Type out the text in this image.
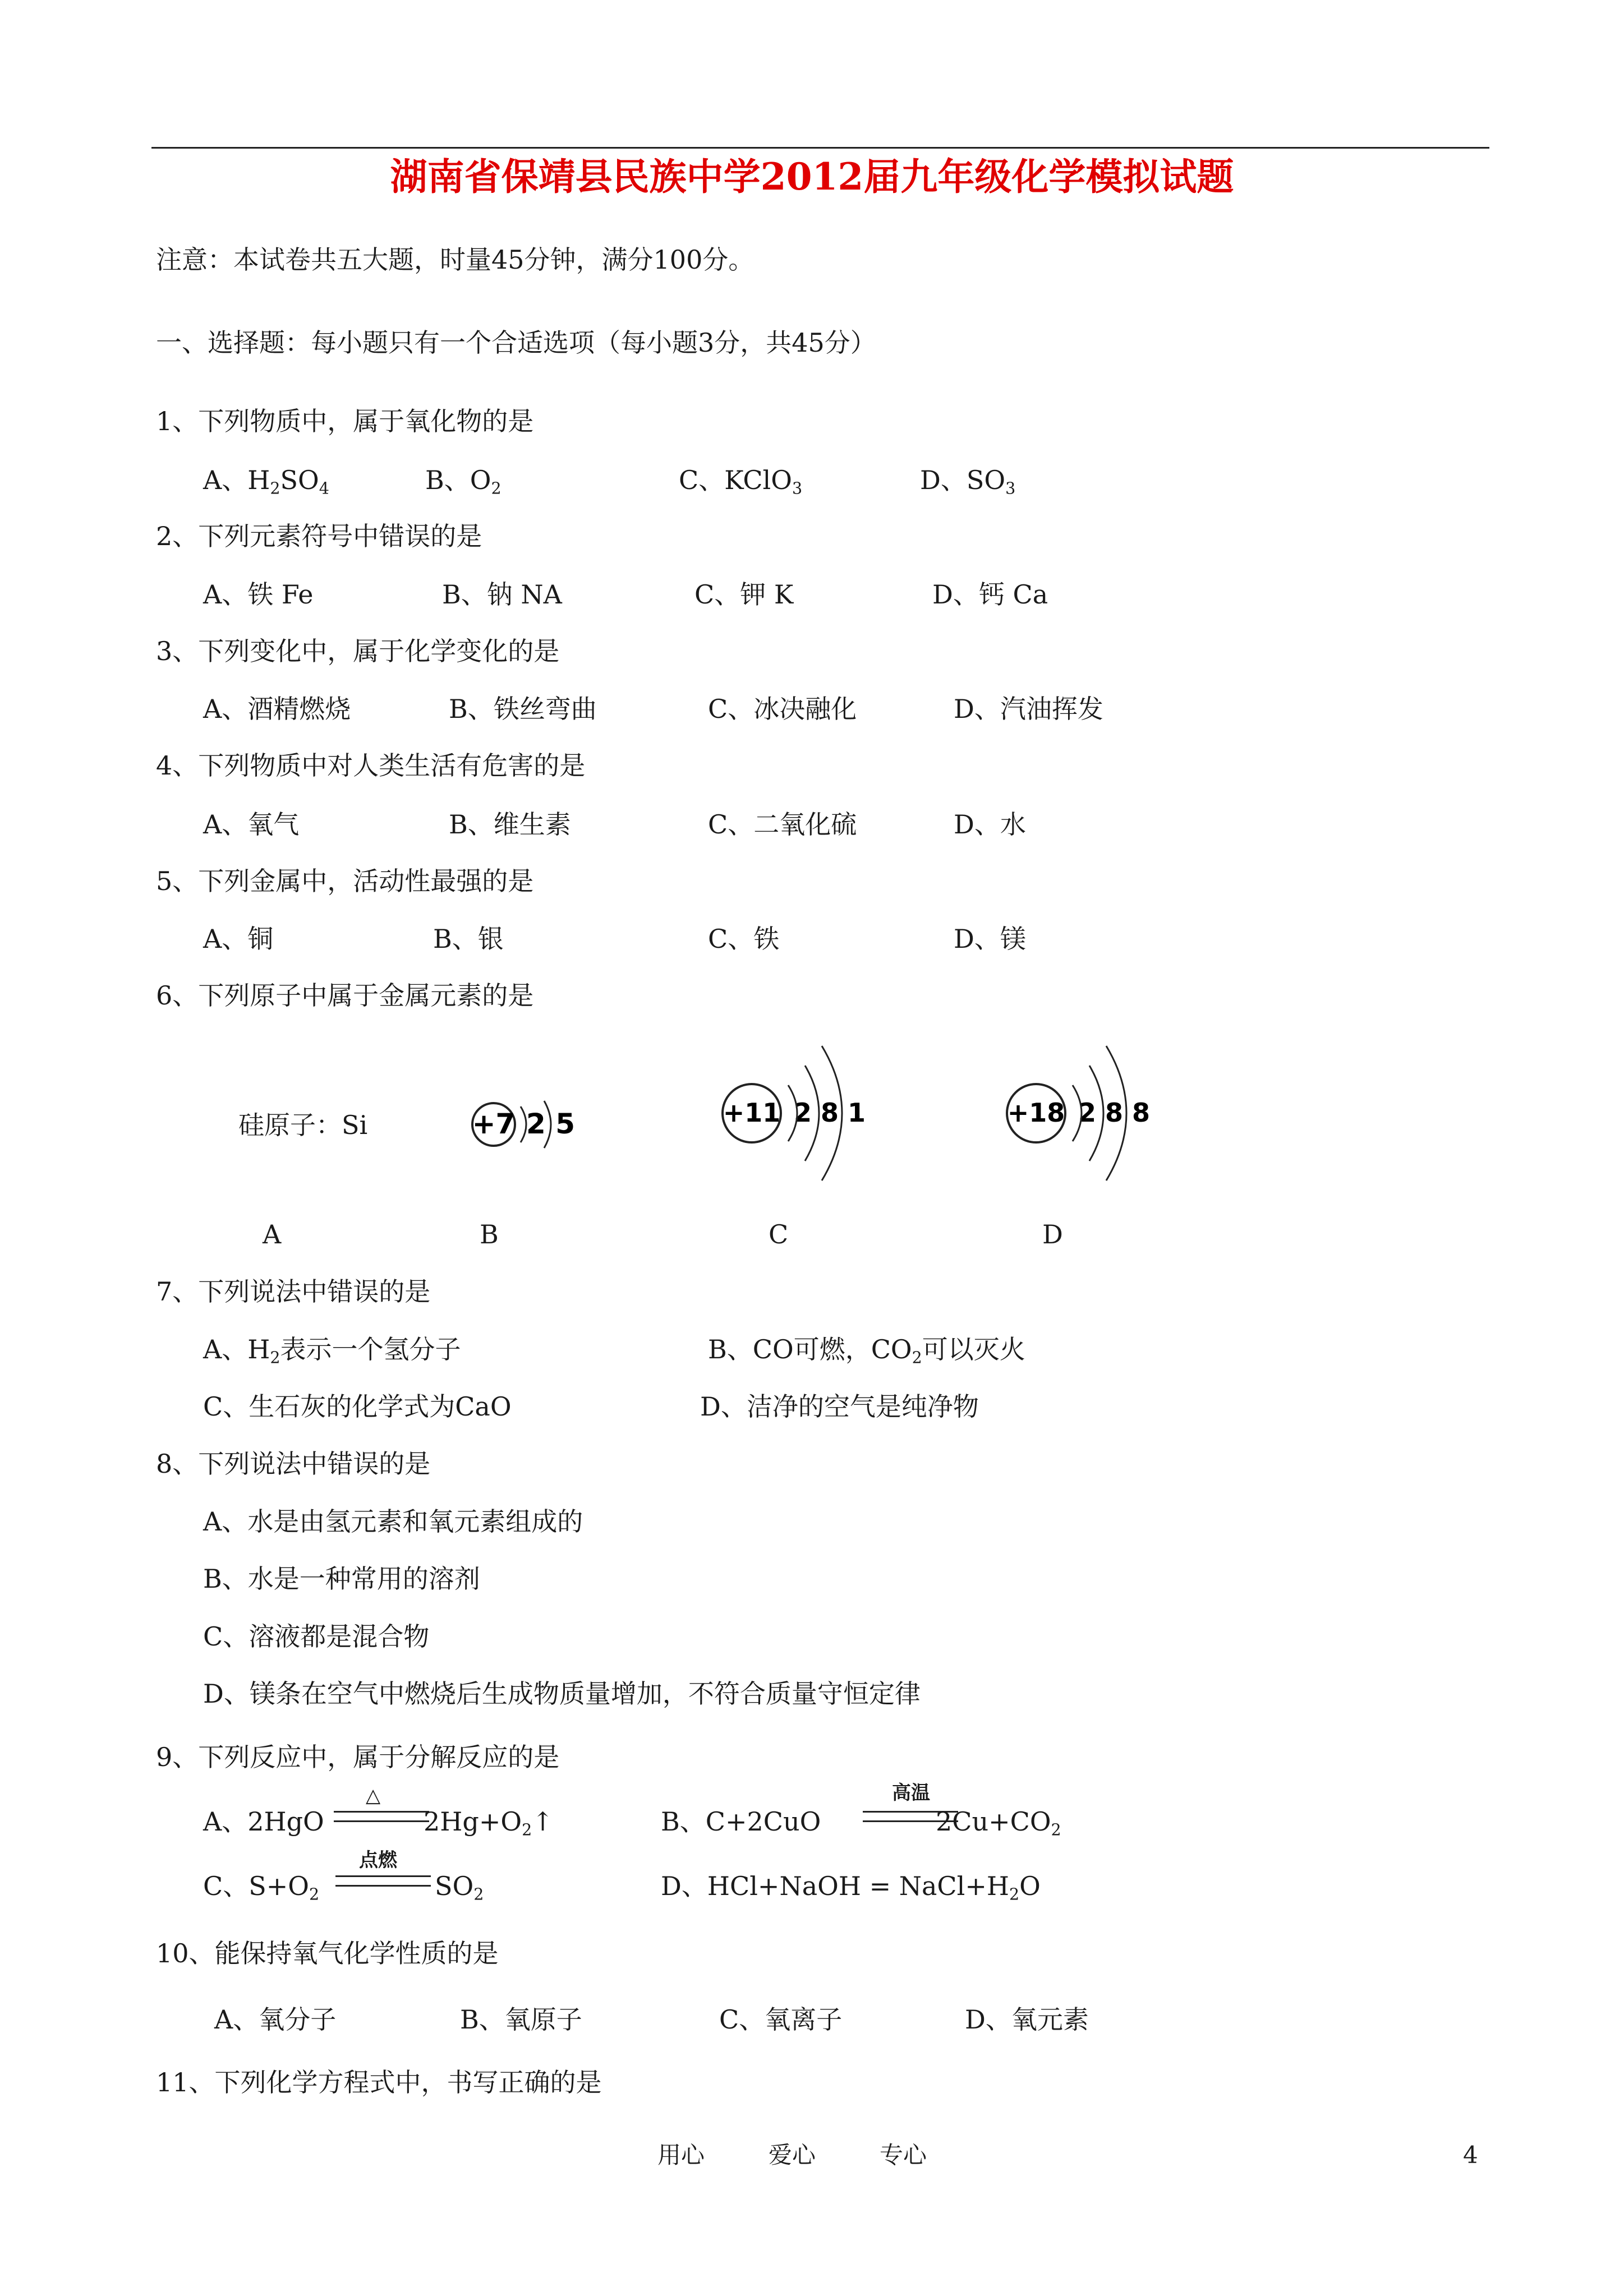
湖南省保靖县民族中学2012届九年级化学模拟试题
注意：本试卷共五大题，时量45分钟，满分100分。
一、选择题：每小题只有一个合适选项（每小题3分，共45分）
1、下列物质中，属于氧化物的是
A、$H_2SO_4$	B、$O_2$	C、KClO$_3$	D、$SO_3$
2、下列元素符号中错误的是
A、铁 Fe	B、钠 NA	C、钾 K	D、钙 Ca
3、下列变化中，属于化学变化的是
A、酒精燃烧	B、铁丝弯曲	C、冰决融化	D、汽油挥发
4、下列物质中对人类生活有危害的是
A、氧气	B、维生素	C、二氧化硫	D、水
5、下列金属中，活动性最强的是
A、铜	B、银	C、铁	D、镁
6、下列原子中属于金属元素的是
硅原子：Si	+7 2 5	+11 2 8 1	+18 2 8 8
A	B	C	D
7、下列说法中错误的是
A、$H_2$表示一个氢分子	B、CO可燃，$CO_2$可以灭火
C、生石灰的化学式为CaO	D、洁净的空气是纯净物
8、下列说法中错误的是
A、水是由氢元素和氧元素组成的
B、水是一种常用的溶剂
C、溶液都是混合物
D、镁条在空气中燃烧后生成物质量增加，不符合质量守恒定律
9、下列反应中，属于分解反应的是
A、2HgO
△
$2Hg+O_2↑$	B、C+2CuO
高温
$2Cu+CO_2$
C、$S+O_2$
点燃
$SO_2$	D、HCl+NaOH = $NaCl+H_2O$
10、能保持氧气化学性质的是
A、氧分子	B、氧原子	C、氧离子	D、氧元素
11、下列化学方程式中，书写正确的是
用心	爱心	专心	4
